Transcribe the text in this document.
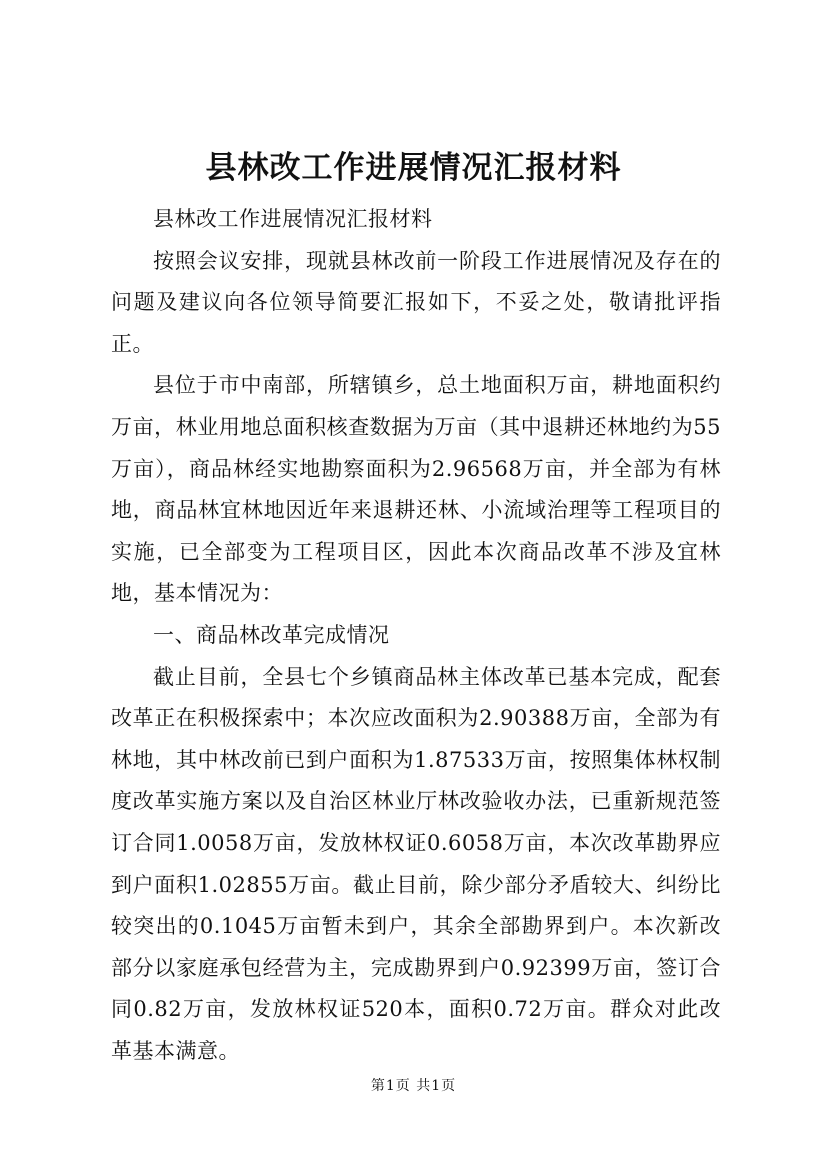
县林改工作进展情况汇报材料

县林改工作进展情况汇报材料

按照会议安排，现就县林改前一阶段工作进展情况及存在的问题及建议向各位领导简要汇报如下，不妥之处，敬请批评指正。

县位于市中南部，所辖镇乡，总土地面积万亩，耕地面积约万亩，林业用地总面积核查数据为万亩（其中退耕还林地约为55万亩），商品林经实地勘察面积为2.96568万亩，并全部为有林地，商品林宜林地因近年来退耕还林、小流域治理等工程项目的实施，已全部变为工程项目区，因此本次商品改革不涉及宜林地，基本情况为：

一、商品林改革完成情况

截止目前，全县七个乡镇商品林主体改革已基本完成，配套改革正在积极探索中；本次应改面积为2.90388万亩，全部为有林地，其中林改前已到户面积为1.87533万亩，按照集体林权制度改革实施方案以及自治区林业厅林改验收办法，已重新规范签订合同1.0058万亩，发放林权证0.6058万亩，本次改革勘界应到户面积1.02855万亩。截止目前，除少部分矛盾较大、纠纷比较突出的0.1045万亩暂未到户，其余全部勘界到户。本次新改部分以家庭承包经营为主，完成勘界到户0.92399万亩，签订合同0.82万亩，发放林权证520本，面积0.72万亩。群众对此改革基本满意。

第1页 共1页
